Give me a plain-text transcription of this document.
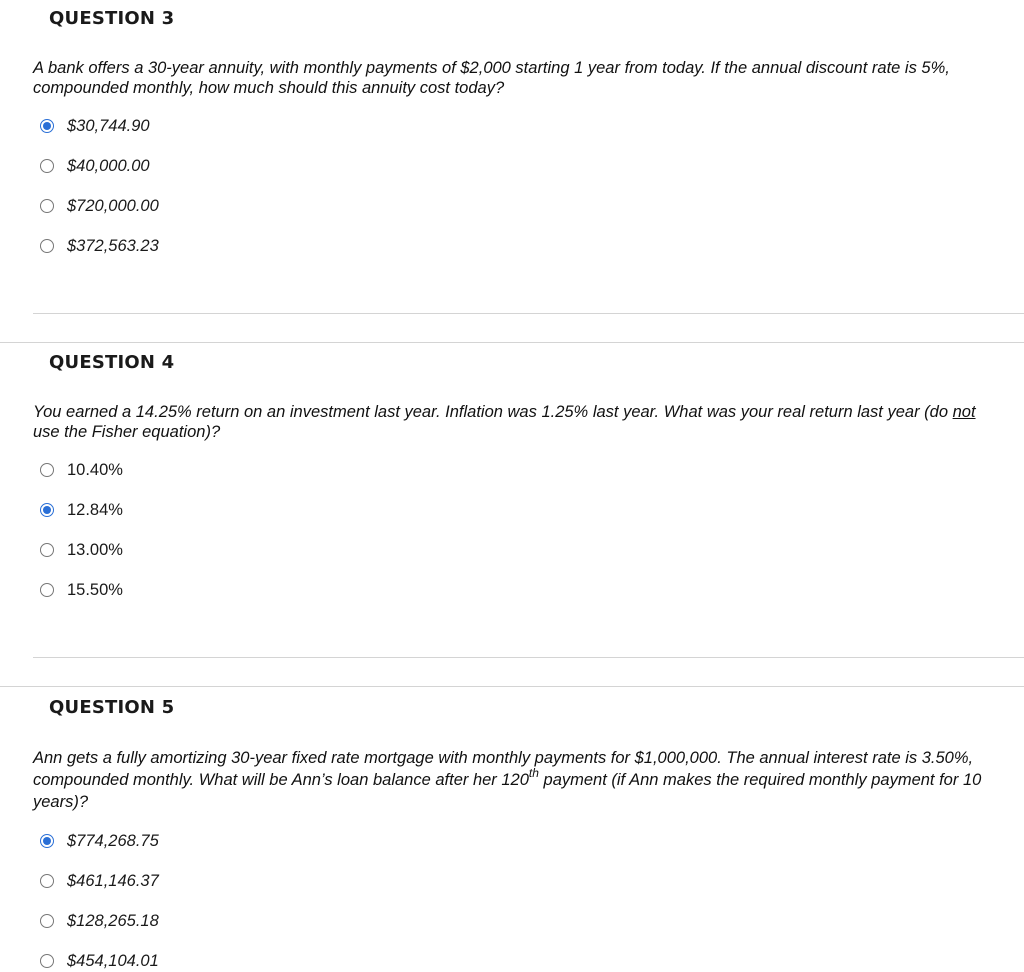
QUESTION 3
A bank offers a 30-year annuity, with monthly payments of $2,000 starting 1 year from today. If the annual discount rate is 5%, compounded monthly, how much should this annuity cost today?
$30,744.90
$40,000.00
$720,000.00
$372,563.23
QUESTION 4
You earned a 14.25% return on an investment last year. Inflation was 1.25% last year. What was your real return last year (do not use the Fisher equation)?
10.40%
12.84%
13.00%
15.50%
QUESTION 5
Ann gets a fully amortizing 30-year fixed rate mortgage with monthly payments for $1,000,000. The annual interest rate is 3.50%, compounded monthly. What will be Ann’s loan balance after her 120th payment (if Ann makes the required monthly payment for 10 years)?
$774,268.75
$461,146.37
$128,265.18
$454,104.01
